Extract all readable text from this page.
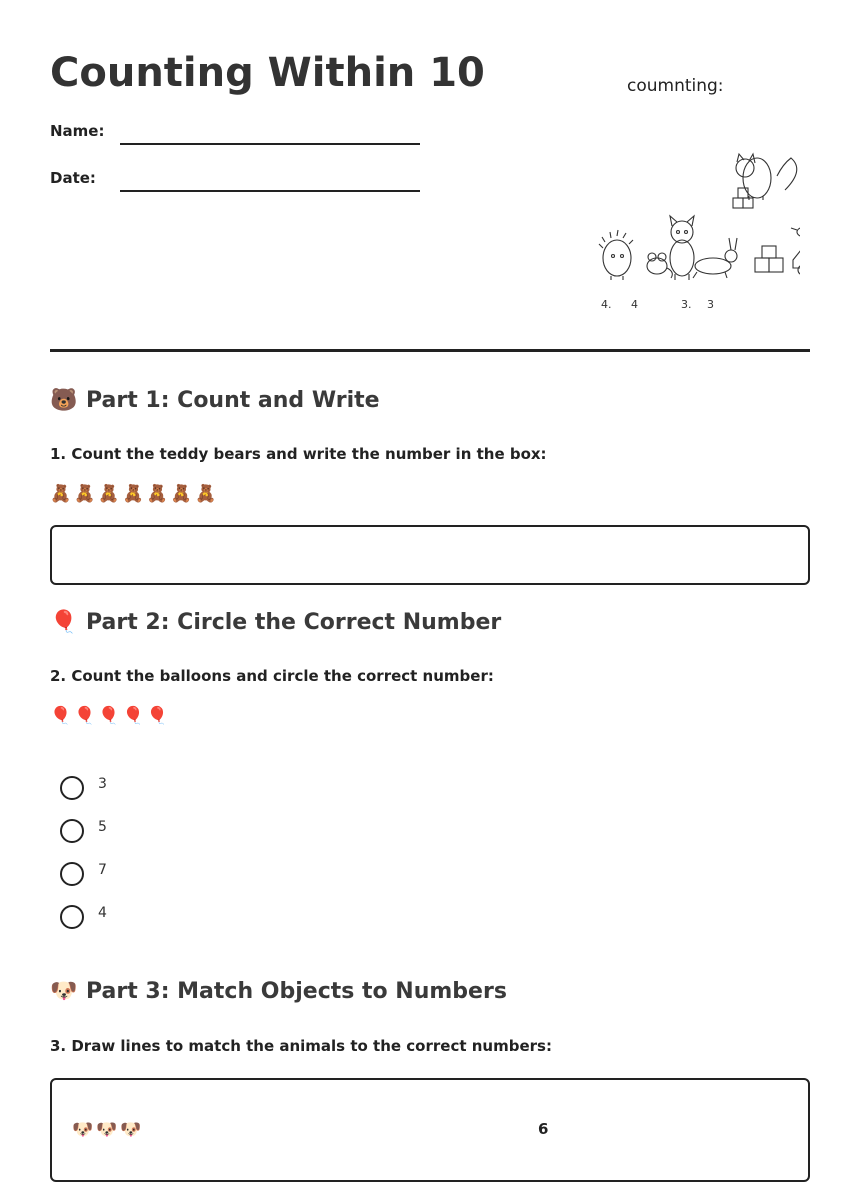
Counting Within 10
Name:
Date:
coumnting:
4. 4	3. 3
🐻 Part 1: Count and Write
1. Count the teddy bears and write the number in the box:
🧸🧸🧸🧸🧸🧸🧸
🎈 Part 2: Circle the Correct Number
2. Count the balloons and circle the correct number:
🎈🎈🎈🎈🎈
3
5
7
4
🐶 Part 3: Match Objects to Numbers
3. Draw lines to match the animals to the correct numbers:
🐶🐶🐶	6
